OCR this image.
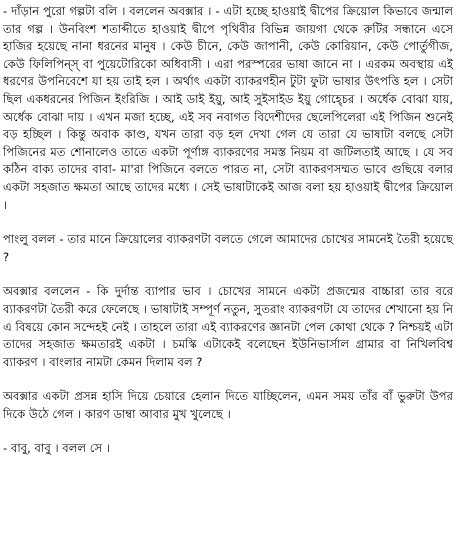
- দাঁড়ান পুরো গল্পটা বলি । বললেন অবক্সার । - এটা হচ্ছে হাওয়াই দ্বীপের ক্রিয়োল কিভাবে জন্মাল তার গল্প । উনবিংশ শতাব্দীতে হাওয়াই দ্বীপে পৃথিবীর বিভিন্ন জায়গা থেকে রুটির সন্ধানে এসে হাজির হয়েছে নানা ধরনের মানুষ । কেউ চীনে, কেউ জাপানী, কেউ কোরিয়ান, কেউ পোর্তুগীজ, কেউ ফিলিপিন্স্ বা পুয়েটোরিকো অধিবাসী । এরা পরস্পরের ভাষা জানে না । এরকম অবস্থায় এই ধরণের উপনিবেশে যা হয় তাই হল । অর্থাৎ একটা ব্যাকরণহীন টুটা ফুটা ভাষার উৎপত্তি হল । সেটা ছিল একধরনের পিজিন ইংরিজি । আই ডাই ইয়ু, আই সুইসাইড ইয়ু গোহ্চের । অর্ধেক বোঝা যায়, অর্ধেক বোঝা দায় । এখন মজা হচ্ছে, এই সব নবাগত বিদেশীদের ছেলেপিলেরা এই পিজিন শুনেই বড় হচ্ছিল । কিন্তু অবাক কাণ্ড, যখন তারা বড় হল দেখা গেল যে তারা যে ভাষাটা বলছে সেটা পিজিনের মত শোনালেও তাতে একটা পূর্ণাঙ্গ ব্যাকরণের সমস্ত নিয়ম বা জটিলতাই আছে । যে সব কঠিন বাক্য তাদের বাবা- মা'রা পিজিনে বলতে পারত না, সেটা ব্যাকরণসম্মত ভাবে গুছিয়ে বলার একটা সহজাত ক্ষমতা আছে তাদের মধ্যে । সেই ভাষাটাকেই আজ বলা হয় হাওয়াই দ্বীপের ক্রিয়োল ।

পাংলু বলল - তার মানে ক্রিয়োলের ব্যাকরণটা বলতে গেলে আমাদের চোখের সামনেই তৈরী হয়েছে ?

অবক্সার বললেন - কি দুর্দান্ত ব্যাপার ভাব । চোখের সামনে একটা প্রজন্মের বাচ্চারা তার বরে ব্যাকরণটা তৈরী করে ফেলেছে । ভাষাটাই সম্পূর্ণ নতুন, সুতরাং ব্যাকরণটা যে তাদের শেখানো হয় নি এ বিষয়ে কোন সন্দেহই নেই । তাহলে তারা এই ব্যাকরণের জ্ঞানটা পেল কোথা থেকে ? নিশ্চয়ই এটা তাদের সহজাত ক্ষমতারই একটা । চমস্কি এটাকেই বলেছেন ইউনিভার্সাল গ্রামার বা নিখিলবিশ্ব ব্যাকরণ । বাংলার নামটা কেমন দিলাম বল ?

অবক্সার একটা প্রসন্ন হাসি দিয়ে চেয়ারে হেলান দিতে যাচ্ছিলেন, এমন সময় তাঁর বাঁ ভুরুটা উপর দিকে উঠে গেল । কারণ ডাম্বা আবার মুখ খুলেছে ।

- বাবু, বাবু । বলল সে ।
